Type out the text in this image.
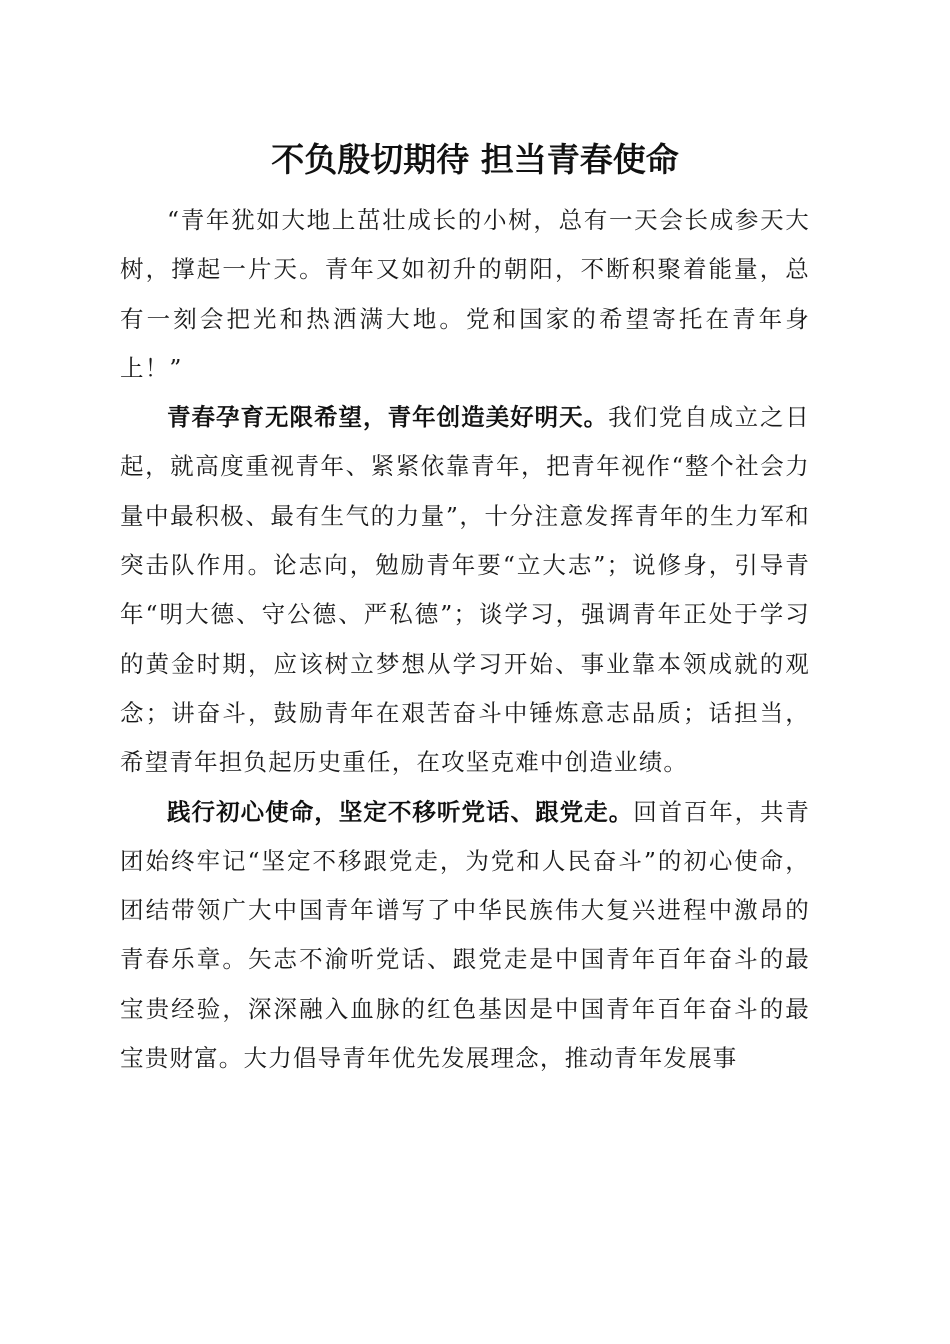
不负殷切期待 担当青春使命

“青年犹如大地上茁壮成长的小树，总有一天会长成参天大树，撑起一片天。青年又如初升的朝阳，不断积聚着能量，总有一刻会把光和热洒满大地。党和国家的希望寄托在青年身上！”

青春孕育无限希望，青年创造美好明天。我们党自成立之日起，就高度重视青年、紧紧依靠青年，把青年视作“整个社会力量中最积极、最有生气的力量”，十分注意发挥青年的生力军和突击队作用。论志向，勉励青年要“立大志”；说修身，引导青年“明大德、守公德、严私德”；谈学习，强调青年正处于学习的黄金时期，应该树立梦想从学习开始、事业靠本领成就的观念；讲奋斗，鼓励青年在艰苦奋斗中锤炼意志品质；话担当，希望青年担负起历史重任，在攻坚克难中创造业绩。

践行初心使命，坚定不移听党话、跟党走。回首百年，共青团始终牢记“坚定不移跟党走，为党和人民奋斗”的初心使命，团结带领广大中国青年谱写了中华民族伟大复兴进程中激昂的青春乐章。矢志不渝听党话、跟党走是中国青年百年奋斗的最宝贵经验，深深融入血脉的红色基因是中国青年百年奋斗的最宝贵财富。大力倡导青年优先发展理念，推动青年发展事
